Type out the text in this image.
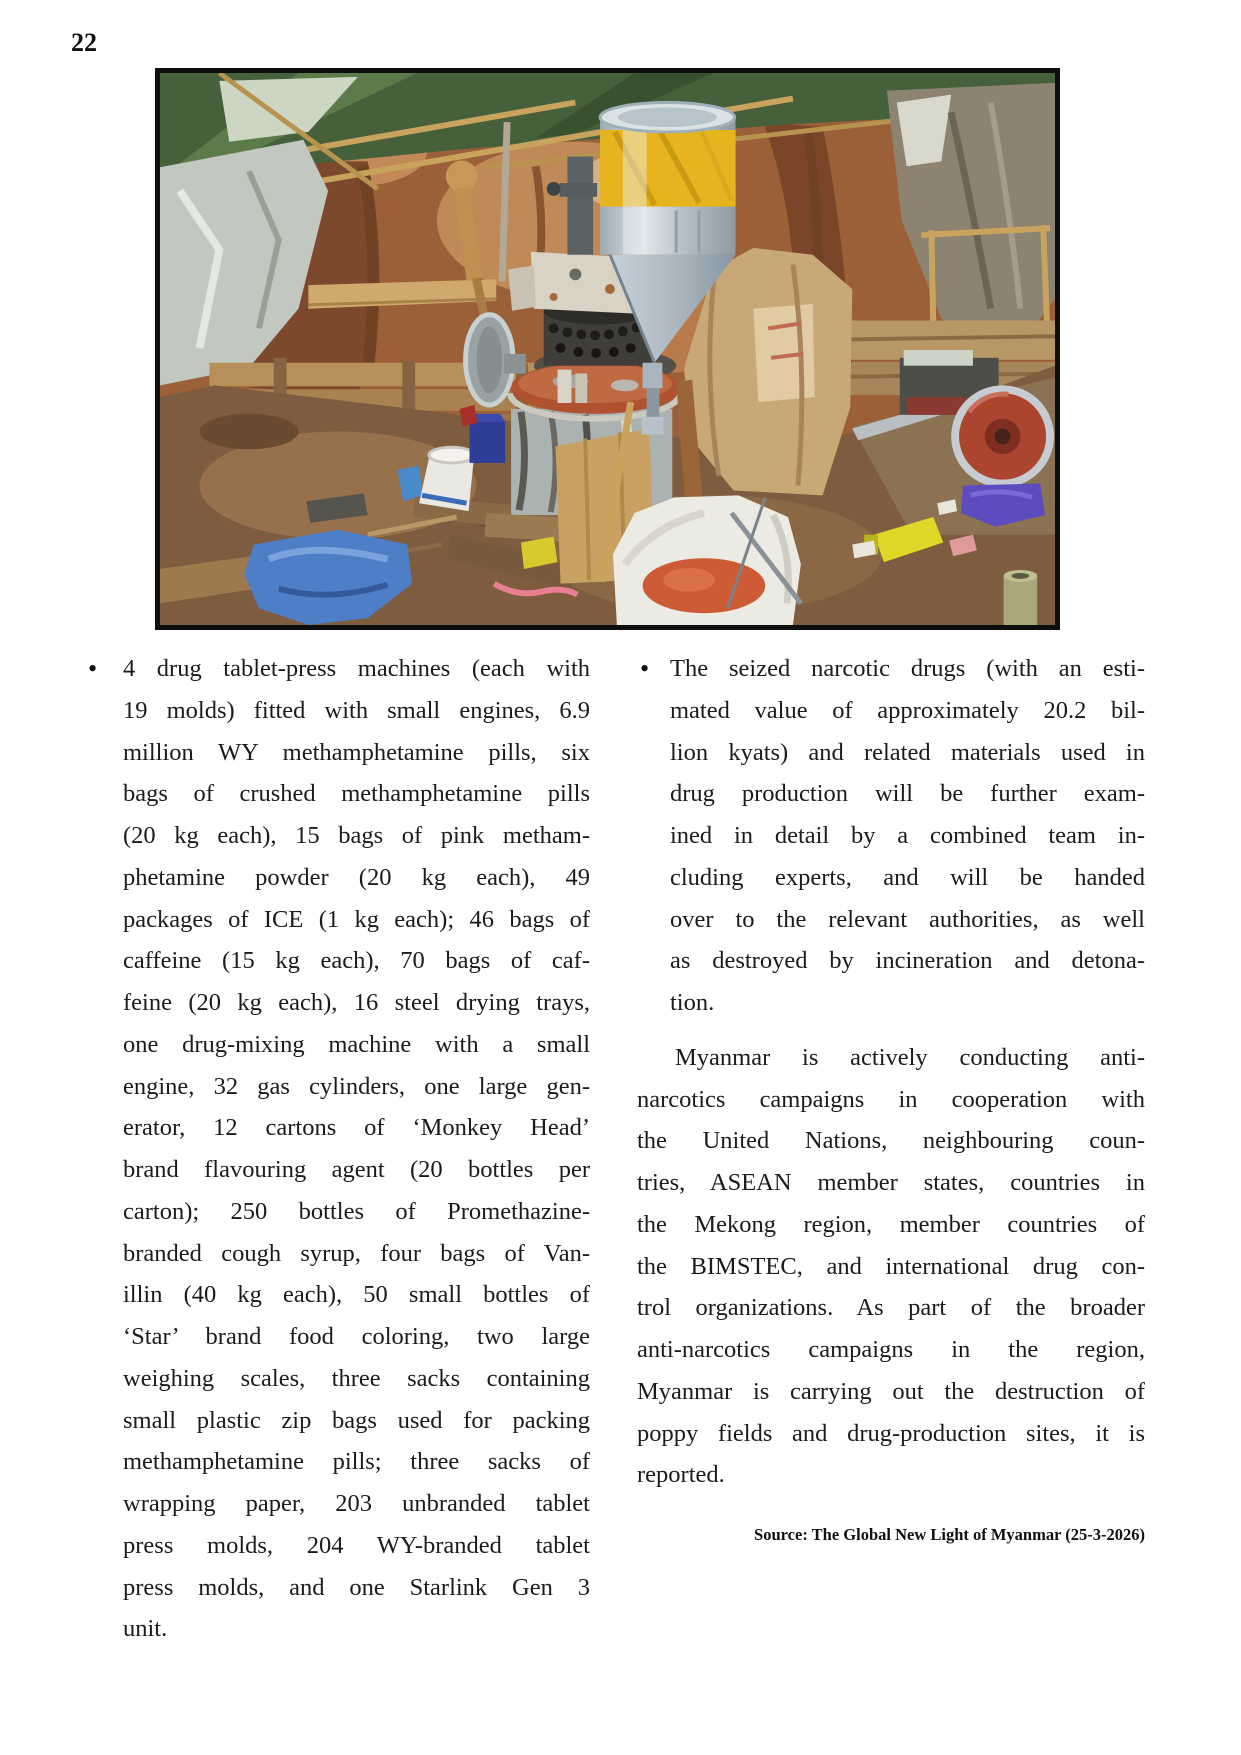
22
• 4 drug tablet-press machines (each with
19 molds) fitted with small engines, 6.9
million WY methamphetamine pills, six
bags of crushed methamphetamine pills
(20 kg each), 15 bags of pink metham-
phetamine powder (20 kg each), 49
packages of ICE (1 kg each); 46 bags of
caffeine (15 kg each), 70 bags of caf-
feine (20 kg each), 16 steel drying trays,
one drug-mixing machine with a small
engine, 32 gas cylinders, one large gen-
erator, 12 cartons of ‘Monkey Head’
brand flavouring agent (20 bottles per
carton); 250 bottles of Promethazine-
branded cough syrup, four bags of Van-
illin (40 kg each), 50 small bottles of
‘Star’ brand food coloring, two large
weighing scales, three sacks containing
small plastic zip bags used for packing
methamphetamine pills; three sacks of
wrapping paper, 203 unbranded tablet
press molds, 204 WY-branded tablet
press molds, and one Starlink Gen 3
unit.
• The seized narcotic drugs (with an esti-
mated value of approximately 20.2 bil-
lion kyats) and related materials used in
drug production will be further exam-
ined in detail by a combined team in-
cluding experts, and will be handed
over to the relevant authorities, as well
as destroyed by incineration and detona-
tion.
Myanmar is actively conducting anti-
narcotics campaigns in cooperation with
the United Nations, neighbouring coun-
tries, ASEAN member states, countries in
the Mekong region, member countries of
the BIMSTEC, and international drug con-
trol organizations. As part of the broader
anti-narcotics campaigns in the region,
Myanmar is carrying out the destruction of
poppy fields and drug-production sites, it is
reported.
Source: The Global New Light of Myanmar (25-3-2026)
